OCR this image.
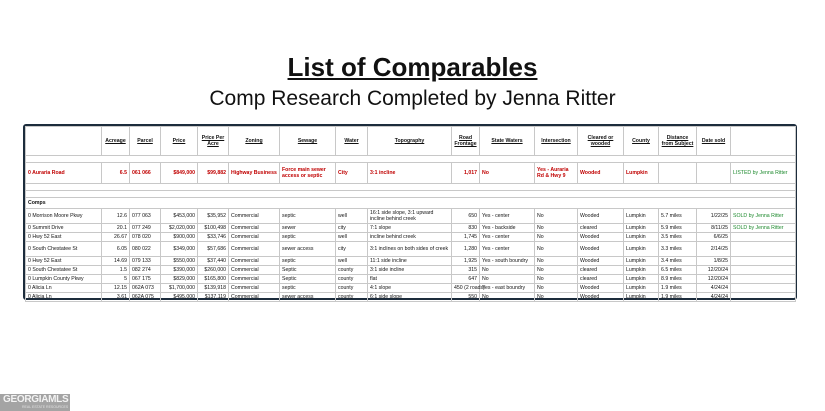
List of Comparables
Comp Research Completed by Jenna Ritter
	Acreage	Parcel	Price	Price Per Acre	Zoning	Sewage	Water	Topography	Road Frontage	State Waters	Intersection	Cleared or wooded	County	Distance from Subject	Date sold	

0 Auraria Road	6.5	061 066	$849,000	$99,882	Highway Business	Force main sewer access or septic	City	3:1 incline	1,017	No	Yes - Auraria Rd & Hwy 9	Wooded	Lumpkin			LISTED by Jenna Ritter

Comps																
0 Morrison Moore Pkwy	12.6	077 063	$453,000	$35,952	Commercial	septic	well	16:1 side slope, 3:1 upward incline behind creek	650	Yes - center	No	Wooded	Lumpkin	5.7 miles	1/22/25	SOLD by Jenna Ritter
0 Summit Drive	20.1	077 249	$2,020,000	$100,498	Commercial	sewer	city	7:1 slope	830	Yes - backside	No	cleared	Lumpkin	5.9 miles	8/11/25	SOLD by Jenna Ritter
0 Hwy 52 East	26.67	078 020	$900,000	$33,746	Commercial	septic	well	incline behind creek	1,745	Yes - center	No	Wooded	Lumpkin	3.5 miles	6/6/25	
0 South Chestatee St	6.05	080 022	$349,000	$57,686	Commercial	sewer access	city	3:1 inclines on both sides of creek	1,280	Yes - center	No	Wooded	Lumpkin	3.3 miles	2/14/25	
0 Hwy 52 East	14.69	079 133	$550,000	$37,440	Commercial	septic	well	11:1 side incline	1,925	Yes - south boundry	No	Wooded	Lumpkin	3.4 miles	1/8/25	
0 South Chestatee St	1.5	082 274	$390,000	$260,000	Commercial	Septic	county	3:1 side incline	315	No	No	cleared	Lumpkin	6.5 miles	12/20/24	
0 Lumpkin County Pkwy	5	067 175	$829,000	$165,800	Commercial	Septic	county	flat	647	No	No	cleared	Lumpkin	8.9 miles	12/20/24	
0 Alicia Ln	12.15	062A 073	$1,700,000	$139,918	Commercial	septic	county	4:1 slope	450 (2 roads)	Yes - east boundry	No	Wooded	Lumpkin	1.9 miles	4/24/24	
0 Alicia Ln	3.61	062A 075	$495,000	$137,119	Commercial	sewer access	county	6:1 side slope	550	No	No	Wooded	Lumpkin	1.9 miles	4/24/24	
GEORGIAMLS
REAL ESTATE RESOURCES
